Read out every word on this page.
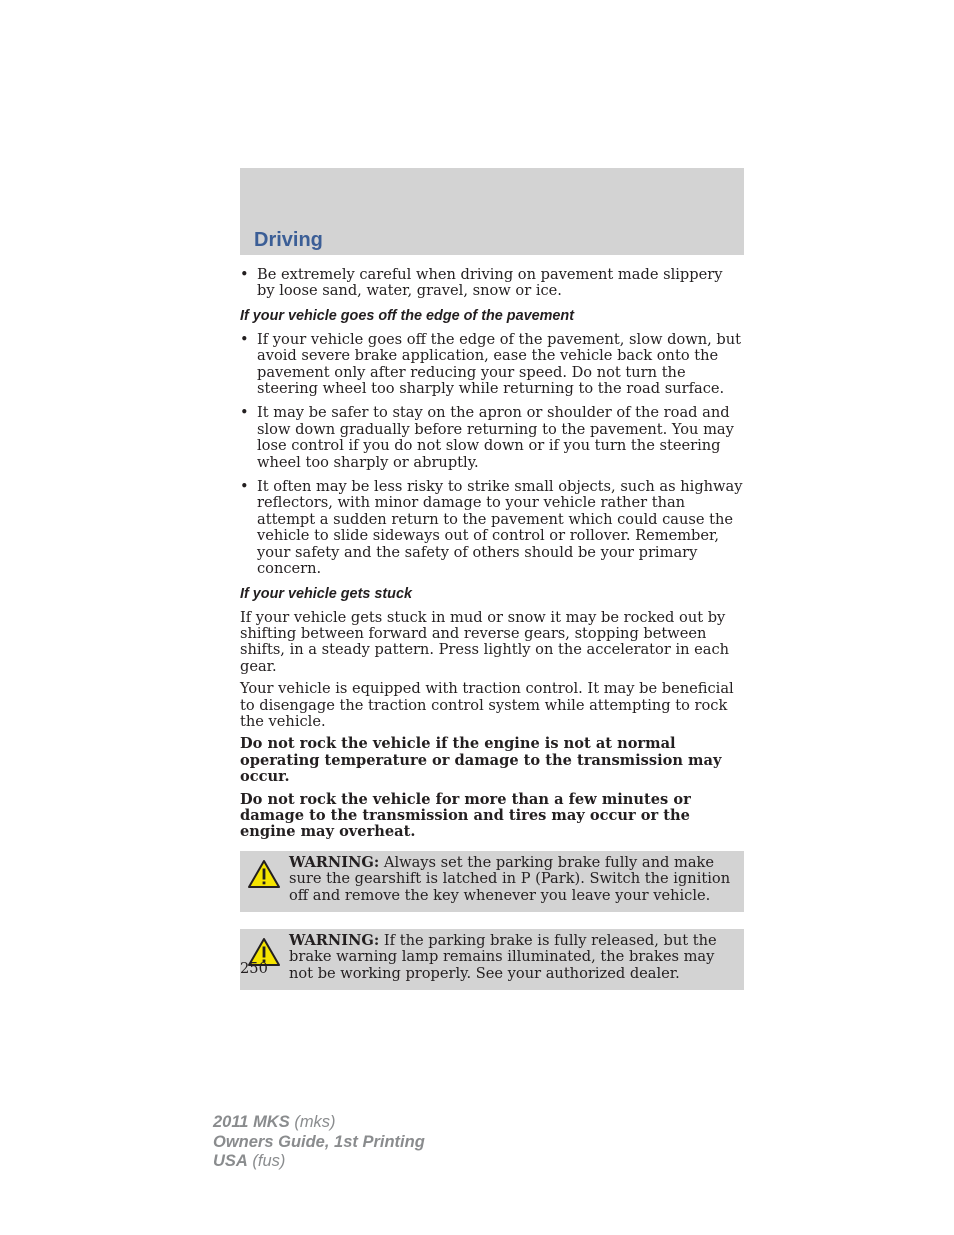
Driving
• Be extremely careful when driving on pavement made slippery by loose sand, water, gravel, snow or ice.
If your vehicle goes off the edge of the pavement
• If your vehicle goes off the edge of the pavement, slow down, but avoid severe brake application, ease the vehicle back onto the pavement only after reducing your speed. Do not turn the steering wheel too sharply while returning to the road surface.
• It may be safer to stay on the apron or shoulder of the road and slow down gradually before returning to the pavement. You may lose control if you do not slow down or if you turn the steering wheel too sharply or abruptly.
• It often may be less risky to strike small objects, such as highway reflectors, with minor damage to your vehicle rather than attempt a sudden return to the pavement which could cause the vehicle to slide sideways out of control or rollover. Remember, your safety and the safety of others should be your primary concern.
If your vehicle gets stuck
If your vehicle gets stuck in mud or snow it may be rocked out by shifting between forward and reverse gears, stopping between shifts, in a steady pattern. Press lightly on the accelerator in each gear.
Your vehicle is equipped with traction control. It may be beneficial to disengage the traction control system while attempting to rock the vehicle.
Do not rock the vehicle if the engine is not at normal operating temperature or damage to the transmission may occur.
Do not rock the vehicle for more than a few minutes or damage to the transmission and tires may occur or the engine may overheat.
WARNING: Always set the parking brake fully and make sure the gearshift is latched in P (Park). Switch the ignition off and remove the key whenever you leave your vehicle.
WARNING: If the parking brake is fully released, but the brake warning lamp remains illuminated, the brakes may not be working properly. See your authorized dealer.
250
2011 MKS (mks)
Owners Guide, 1st Printing
USA (fus)
